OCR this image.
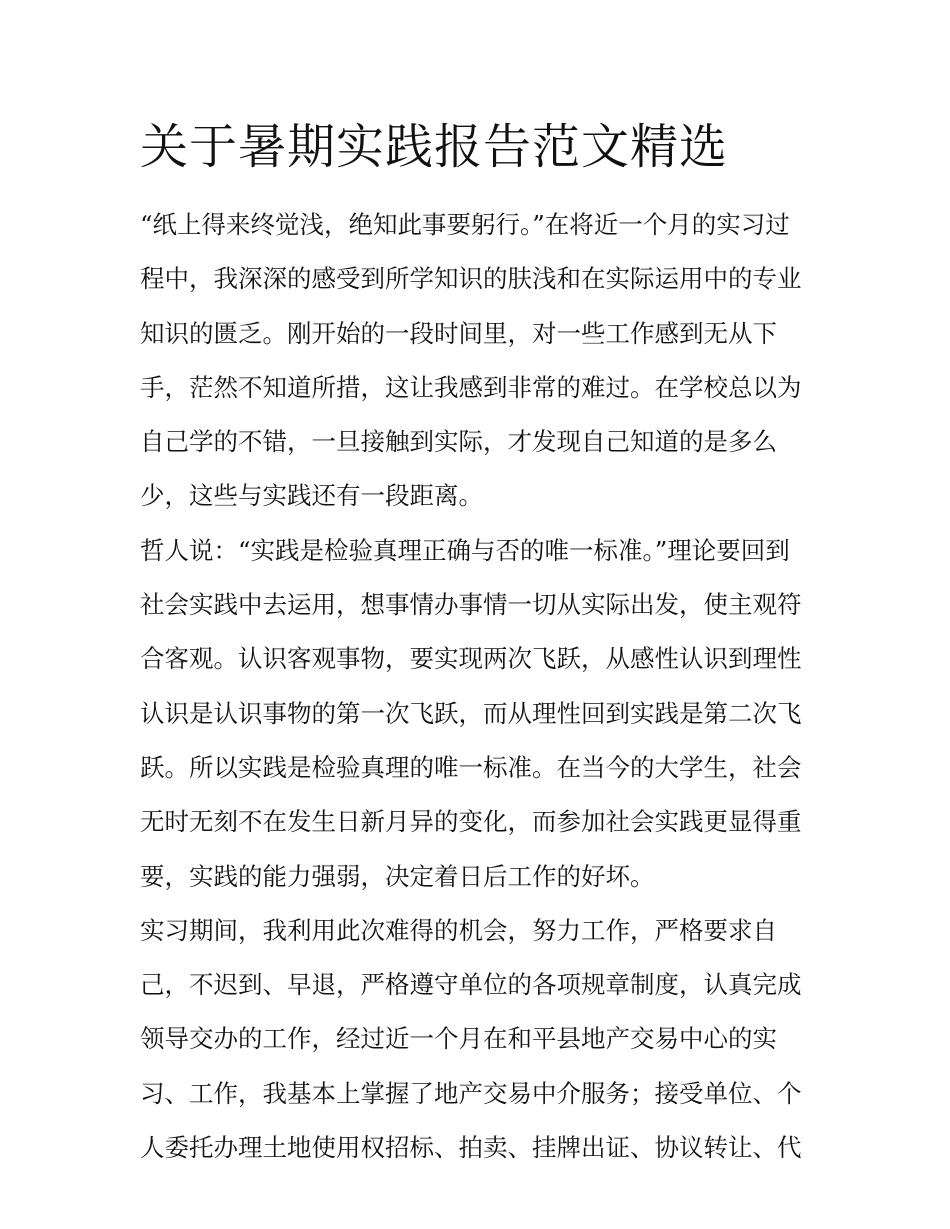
关于暑期实践报告范文精选
“纸上得来终觉浅，绝知此事要躬行。”在将近一个月的实习过
程中，我深深的感受到所学知识的肤浅和在实际运用中的专业
知识的匮乏。刚开始的一段时间里，对一些工作感到无从下
手，茫然不知道所措，这让我感到非常的难过。在学校总以为
自己学的不错，一旦接触到实际，才发现自己知道的是多么
少，这些与实践还有一段距离。
哲人说：“实践是检验真理正确与否的唯一标准。”理论要回到
社会实践中去运用，想事情办事情一切从实际出发，使主观符
合客观。认识客观事物，要实现两次飞跃，从感性认识到理性
认识是认识事物的第一次飞跃，而从理性回到实践是第二次飞
跃。所以实践是检验真理的唯一标准。在当今的大学生，社会
无时无刻不在发生日新月异的变化，而参加社会实践更显得重
要，实践的能力强弱，决定着日后工作的好坏。
实习期间，我利用此次难得的机会，努力工作，严格要求自
己，不迟到、早退，严格遵守单位的各项规章制度，认真完成
领导交办的工作，经过近一个月在和平县地产交易中心的实
习、工作，我基本上掌握了地产交易中介服务；接受单位、个
人委托办理土地使用权招标、拍卖、挂牌出证、协议转让、代
